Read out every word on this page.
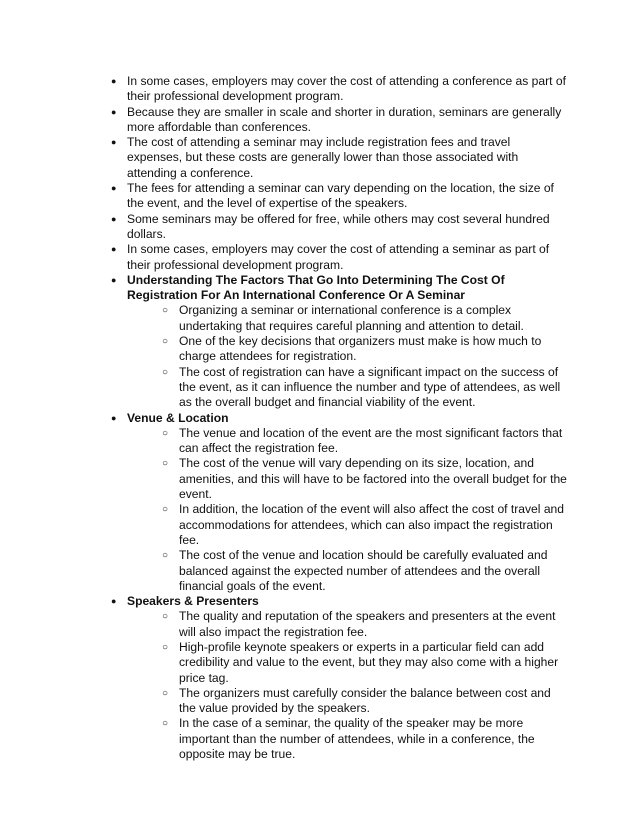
● In some cases, employers may cover the cost of attending a conference as part of their professional development program.
● Because they are smaller in scale and shorter in duration, seminars are generally more affordable than conferences.
● The cost of attending a seminar may include registration fees and travel expenses, but these costs are generally lower than those associated with attending a conference.
● The fees for attending a seminar can vary depending on the location, the size of the event, and the level of expertise of the speakers.
● Some seminars may be offered for free, while others may cost several hundred dollars.
● In some cases, employers may cover the cost of attending a seminar as part of their professional development program.
● Understanding The Factors That Go Into Determining The Cost Of Registration For An International Conference Or A Seminar
○ Organizing a seminar or international conference is a complex undertaking that requires careful planning and attention to detail.
○ One of the key decisions that organizers must make is how much to charge attendees for registration.
○ The cost of registration can have a significant impact on the success of the event, as it can influence the number and type of attendees, as well as the overall budget and financial viability of the event.
● Venue & Location
○ The venue and location of the event are the most significant factors that can affect the registration fee.
○ The cost of the venue will vary depending on its size, location, and amenities, and this will have to be factored into the overall budget for the event.
○ In addition, the location of the event will also affect the cost of travel and accommodations for attendees, which can also impact the registration fee.
○ The cost of the venue and location should be carefully evaluated and balanced against the expected number of attendees and the overall financial goals of the event.
● Speakers & Presenters
○ The quality and reputation of the speakers and presenters at the event will also impact the registration fee.
○ High-profile keynote speakers or experts in a particular field can add credibility and value to the event, but they may also come with a higher price tag.
○ The organizers must carefully consider the balance between cost and the value provided by the speakers.
○ In the case of a seminar, the quality of the speaker may be more important than the number of attendees, while in a conference, the opposite may be true.
